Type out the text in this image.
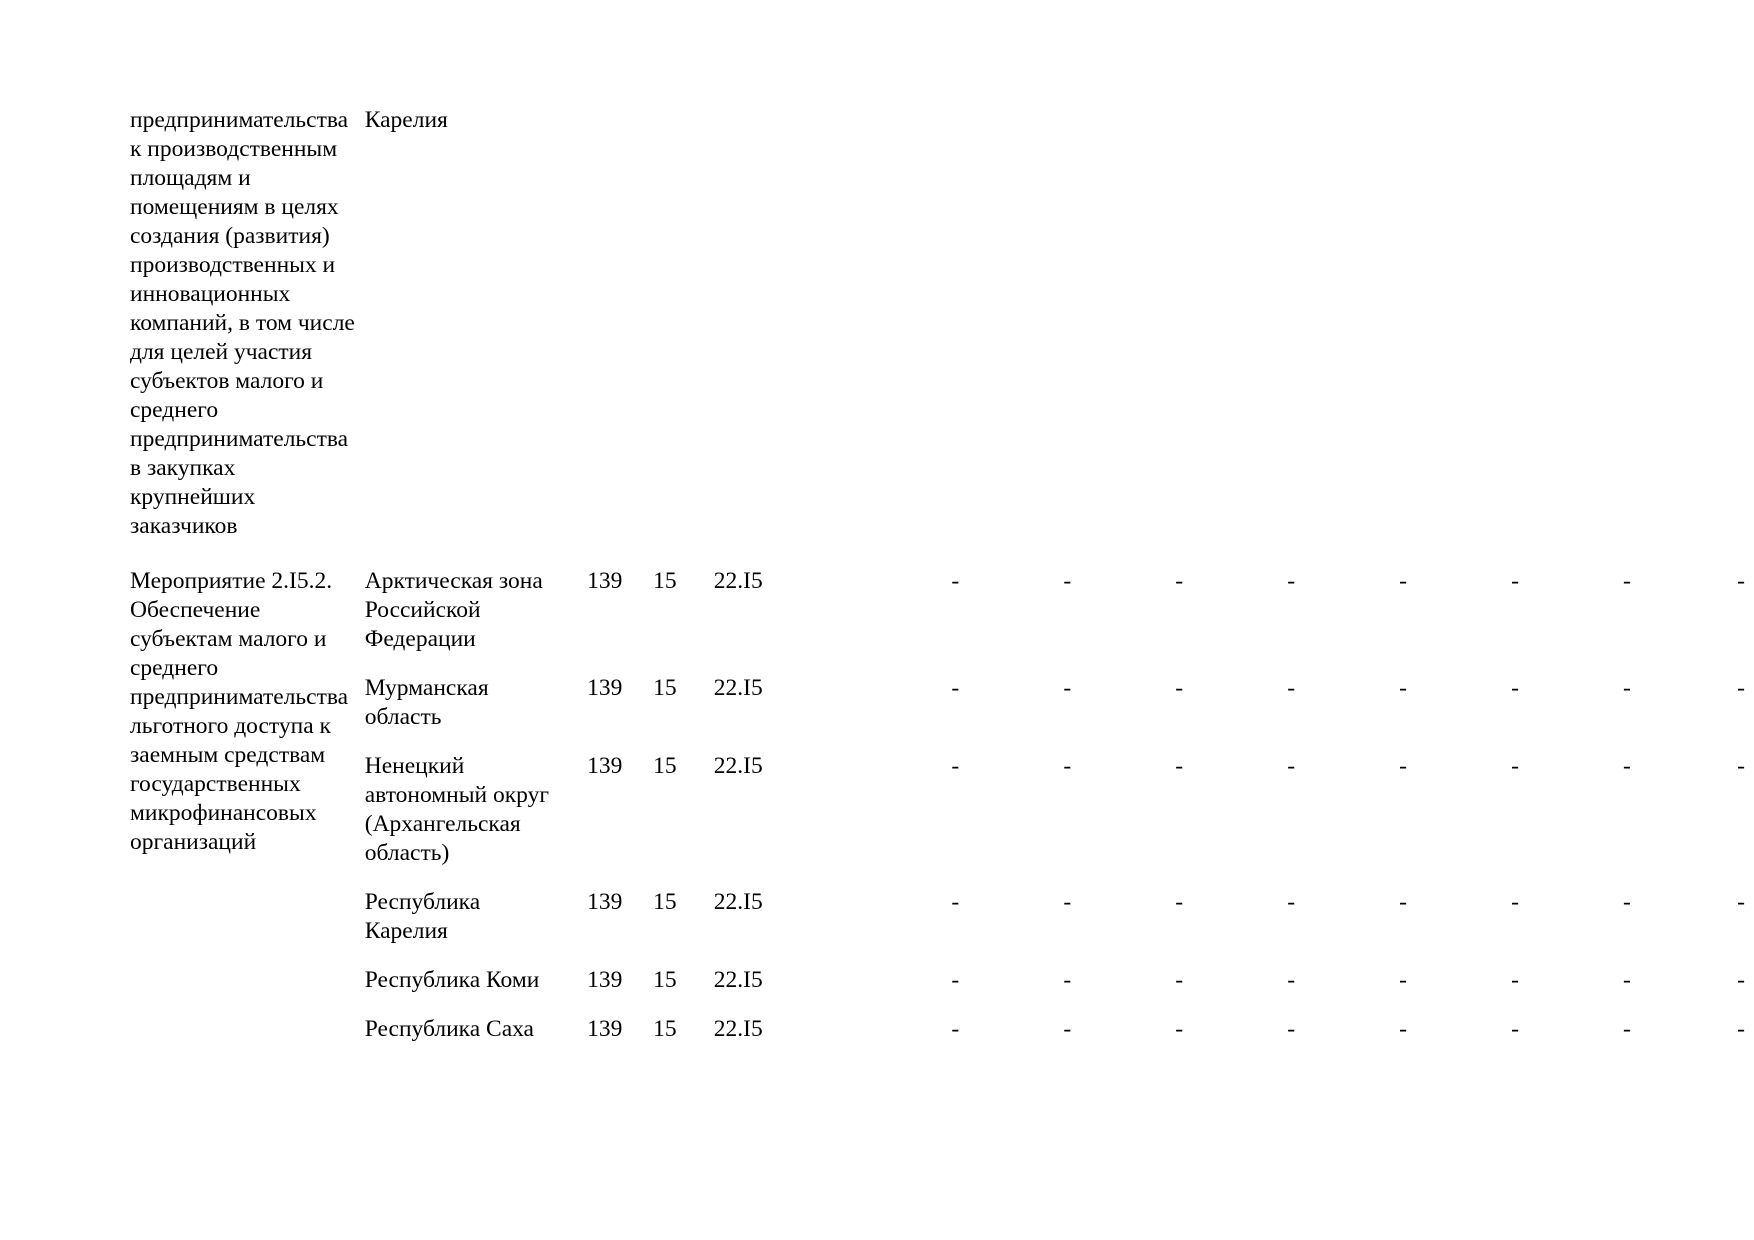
предпринимательства к производственным площадям и помещениям в целях создания (развития) производственных и инновационных компаний, в том числе для целей участия субъектов малого и среднего предпринимательства в закупках крупнейших заказчиков	Карелия												
Мероприятие 2.I5.2. Обеспечение субъектам малого и среднего предпринимательства льготного доступа к заемным средствам государственных микрофинансовых организаций	Арктическая зона Российской Федерации	139	15	2	2.I5	-	-	-	-	-	-	-	-
	Мурманская область	139	15	2	2.I5	-	-	-	-	-	-	-	-
	Ненецкий автономный округ (Архангельская область)	139	15	2	2.I5	-	-	-	-	-	-	-	-
	Республика Карелия	139	15	2	2.I5	-	-	-	-	-	-	-	-
	Республика Коми	139	15	2	2.I5	-	-	-	-	-	-	-	-
	Республика Саха	139	15	2	2.I5	-	-	-	-	-	-	-	-
